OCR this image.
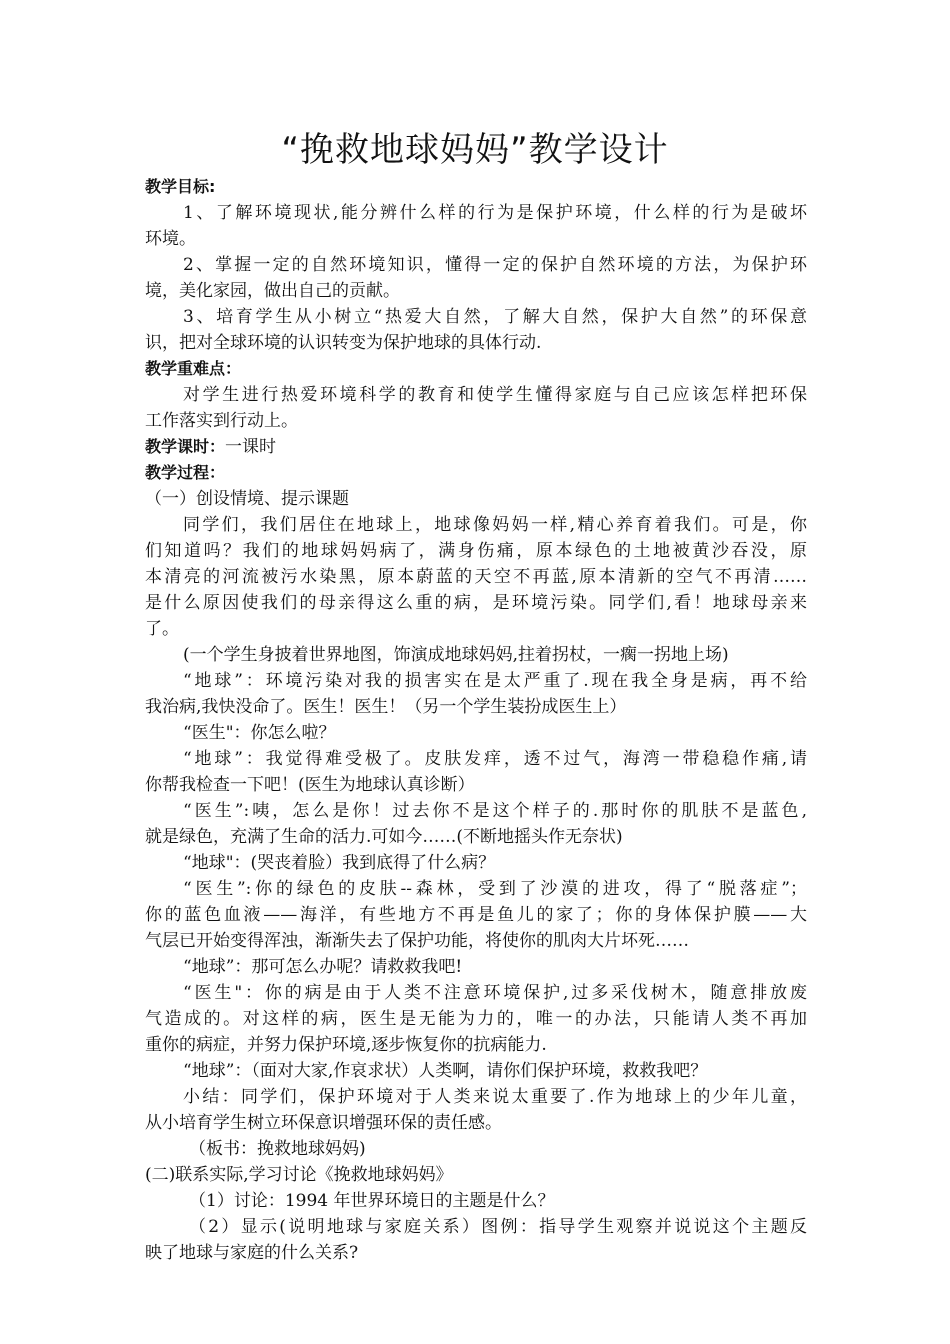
“挽救地球妈妈”教学设计
教学目标:
1、了解环境现状,能分辨什么样的行为是保护环境，什么样的行为是破坏
环境。
2、掌握一定的自然环境知识，懂得一定的保护自然环境的方法，为保护环
境，美化家园，做出自己的贡献。
3、培育学生从小树立“热爱大自然，了解大自然，保护大自然”的环保意
识，把对全球环境的认识转变为保护地球的具体行动.
教学重难点：
对学生进行热爱环境科学的教育和使学生懂得家庭与自己应该怎样把环保
工作落实到行动上。
教学课时：一课时
教学过程：
（一）创设情境、提示课题
同学们，我们居住在地球上，地球像妈妈一样,精心养育着我们。可是，你
们知道吗？我们的地球妈妈病了，满身伤痛，原本绿色的土地被黄沙吞没，原
本清亮的河流被污水染黑，原本蔚蓝的天空不再蓝,原本清新的空气不再清……
是什么原因使我们的母亲得这么重的病，是环境污染。同学们,看！地球母亲来
了。
(一个学生身披着世界地图，饰演成地球妈妈,拄着拐杖，一瘸一拐地上场)
“地球”：环境污染对我的损害实在是太严重了.现在我全身是病，再不给
我治病,我快没命了。医生！医生！（另一个学生装扮成医生上）
“医生"：你怎么啦？
“地球”：我觉得难受极了。皮肤发痒，透不过气，海湾一带稳稳作痛,请
你帮我检查一下吧！(医生为地球认真诊断）
“医生”:咦，怎么是你！过去你不是这个样子的.那时你的肌肤不是蓝色,
就是绿色，充满了生命的活力.可如今……(不断地摇头作无奈状)
“地球"：(哭丧着脸）我到底得了什么病？
“医生”:你的绿色的皮肤--森林，受到了沙漠的进攻，得了“脱落症”；
你的蓝色血液——海洋，有些地方不再是鱼儿的家了；你的身体保护膜——大
气层已开始变得浑浊，渐渐失去了保护功能，将使你的肌肉大片坏死……
“地球”：那可怎么办呢？请救救我吧!
“医生"：你的病是由于人类不注意环境保护,过多采伐树木，随意排放废
气造成的。对这样的病，医生是无能为力的，唯一的办法，只能请人类不再加
重你的病症，并努力保护环境,逐步恢复你的抗病能力.
“地球”：（面对大家,作哀求状）人类啊，请你们保护环境，救救我吧？
小结：同学们，保护环境对于人类来说太重要了.作为地球上的少年儿童，
从小培育学生树立环保意识增强环保的责任感。
（板书：挽救地球妈妈)
(二)联系实际,学习讨论《挽救地球妈妈》
（1）讨论：1994 年世界环境日的主题是什么？
（2）显示(说明地球与家庭关系）图例：指导学生观察并说说这个主题反
映了地球与家庭的什么关系?
